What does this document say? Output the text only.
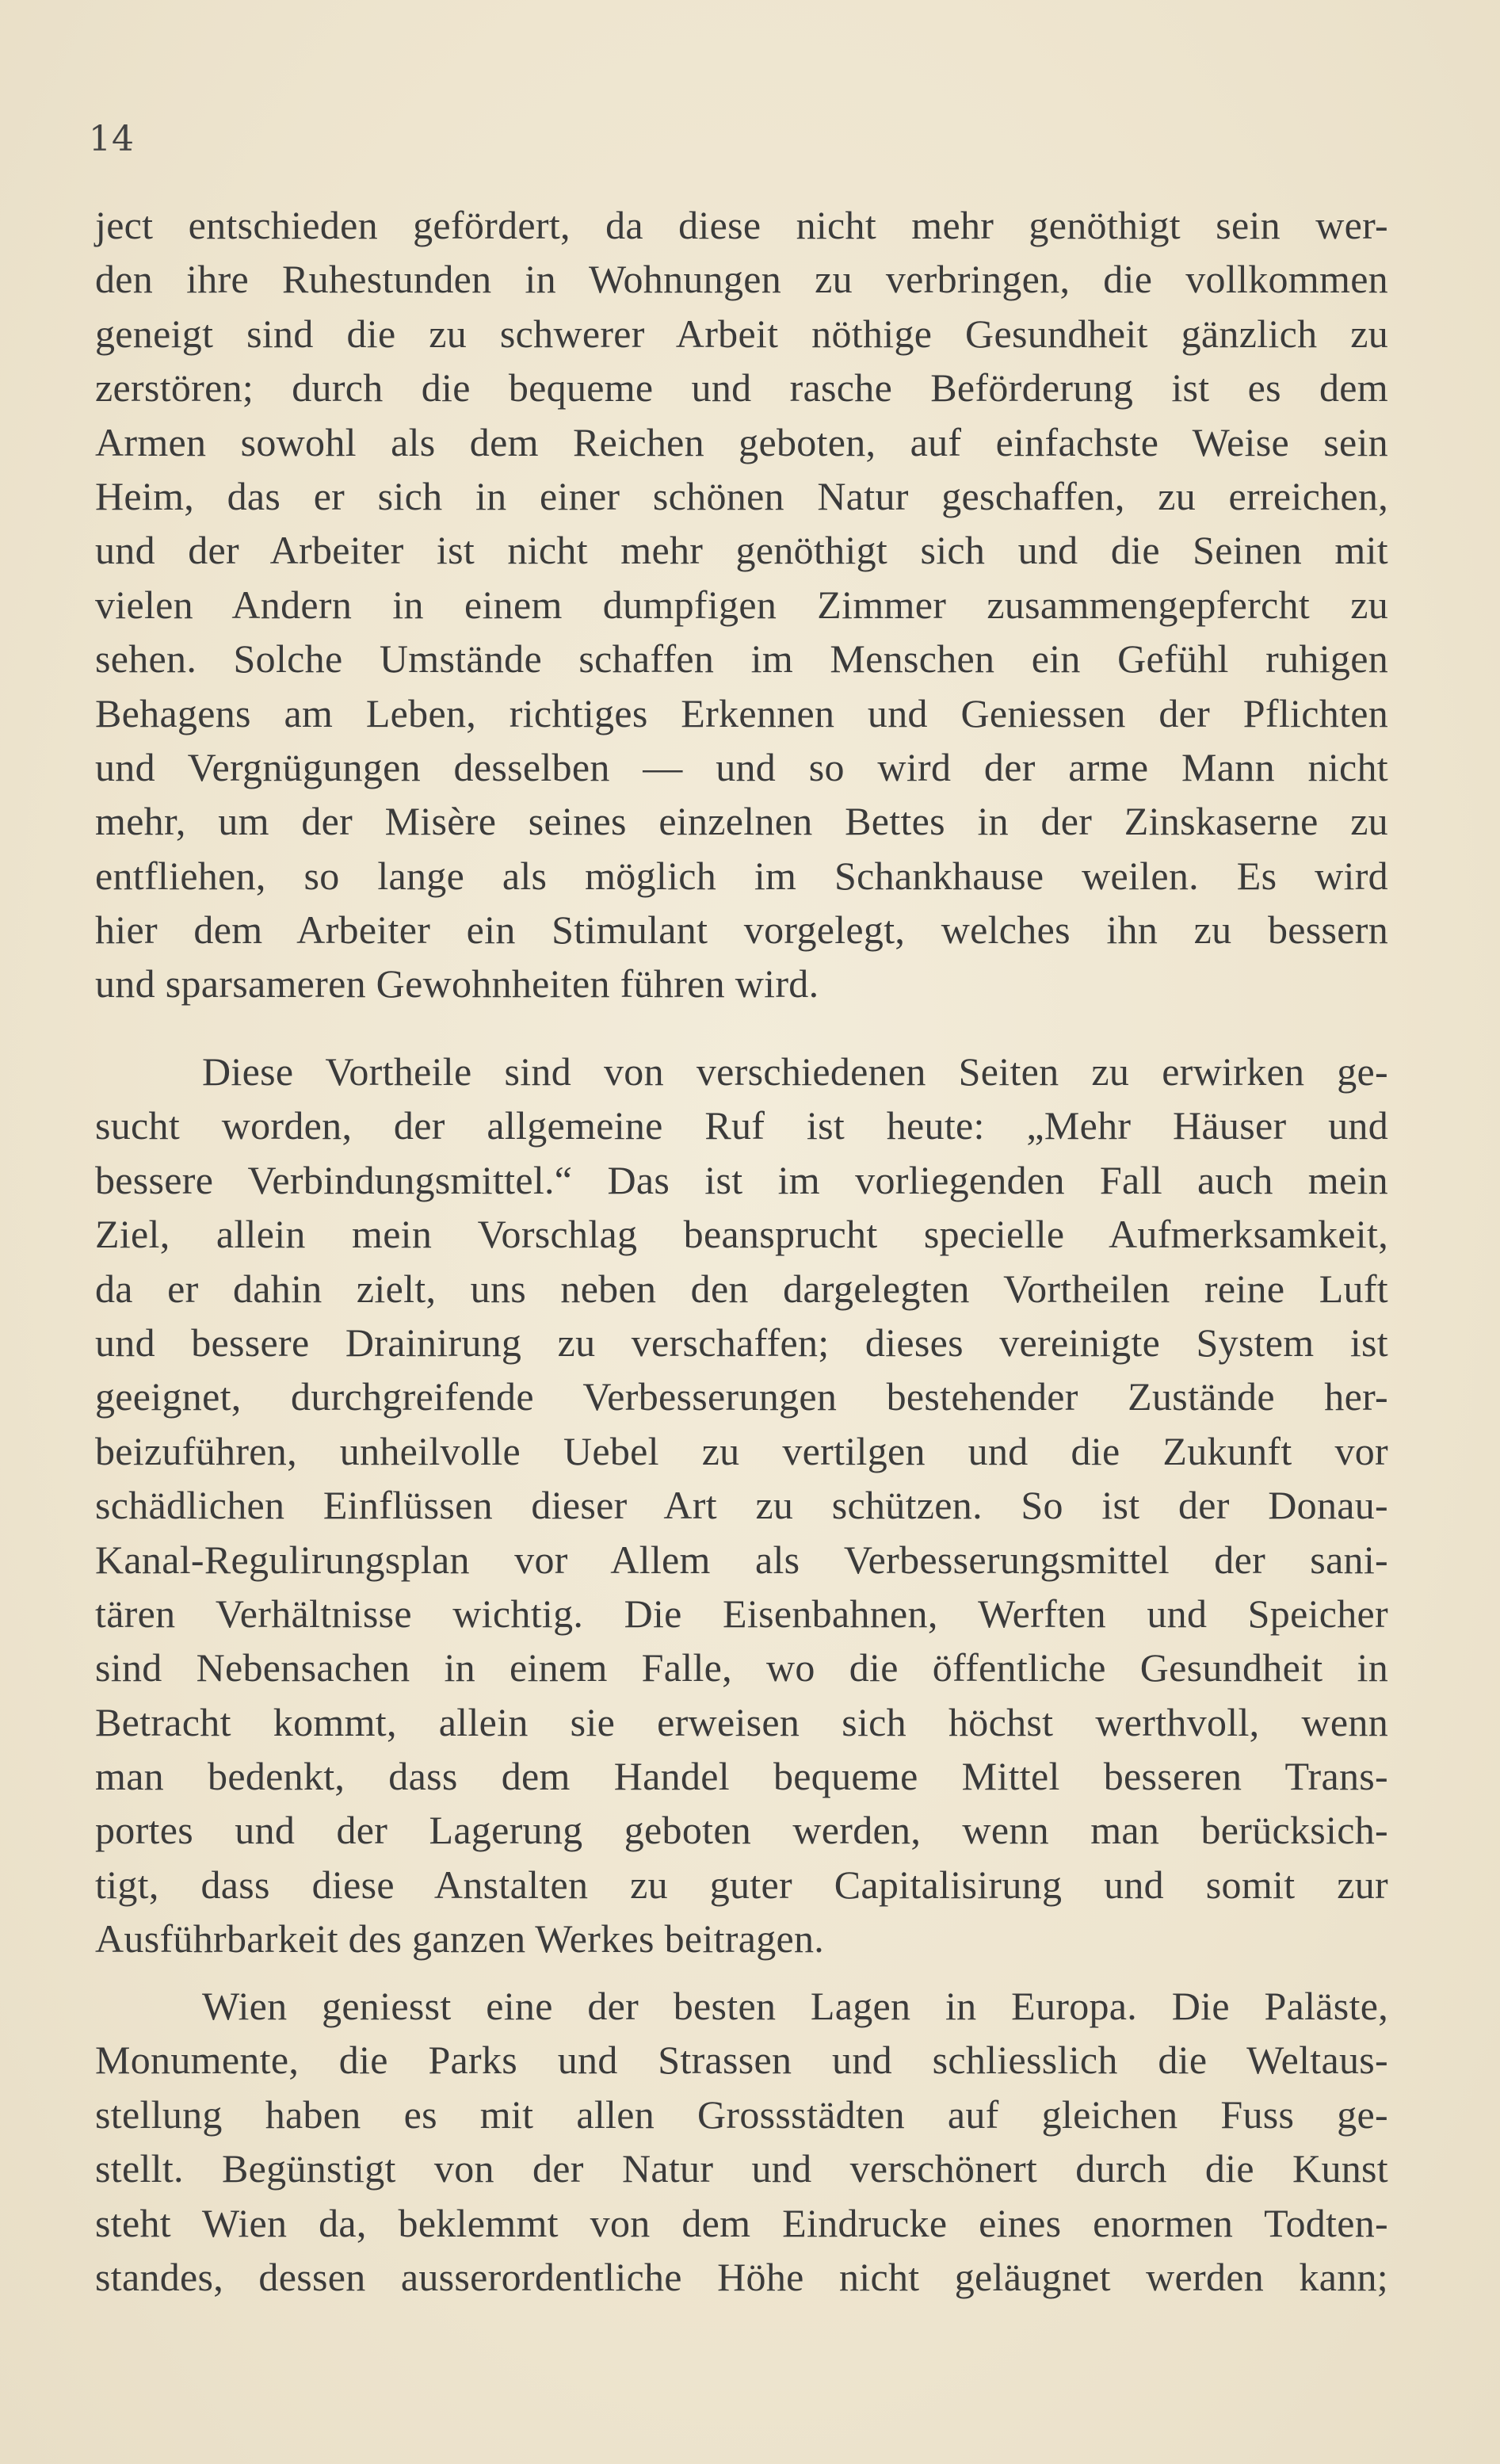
14
ject entschieden gefördert, da diese nicht mehr genöthigt sein wer-
den ihre Ruhestunden in Wohnungen zu verbringen, die vollkommen
geneigt sind die zu schwerer Arbeit nöthige Gesundheit gänzlich zu
zerstören; durch die bequeme und rasche Beförderung ist es dem
Armen sowohl als dem Reichen geboten, auf einfachste Weise sein
Heim, das er sich in einer schönen Natur geschaffen, zu erreichen,
und der Arbeiter ist nicht mehr genöthigt sich und die Seinen mit
vielen Andern in einem dumpfigen Zimmer zusammengepfercht zu
sehen. Solche Umstände schaffen im Menschen ein Gefühl ruhigen
Behagens am Leben, richtiges Erkennen und Geniessen der Pflichten
und Vergnügungen desselben — und so wird der arme Mann nicht
mehr, um der Misère seines einzelnen Bettes in der Zinskaserne zu
entfliehen, so lange als möglich im Schankhause weilen. Es wird
hier dem Arbeiter ein Stimulant vorgelegt, welches ihn zu bessern
und sparsameren Gewohnheiten führen wird.
Diese Vortheile sind von verschiedenen Seiten zu erwirken ge-
sucht worden, der allgemeine Ruf ist heute: „Mehr Häuser und
bessere Verbindungsmittel.“ Das ist im vorliegenden Fall auch mein
Ziel, allein mein Vorschlag beansprucht specielle Aufmerksamkeit,
da er dahin zielt, uns neben den dargelegten Vortheilen reine Luft
und bessere Drainirung zu verschaffen; dieses vereinigte System ist
geeignet, durchgreifende Verbesserungen bestehender Zustände her-
beizuführen, unheilvolle Uebel zu vertilgen und die Zukunft vor
schädlichen Einflüssen dieser Art zu schützen. So ist der Donau-
Kanal-Regulirungsplan vor Allem als Verbesserungsmittel der sani-
tären Verhältnisse wichtig. Die Eisenbahnen, Werften und Speicher
sind Nebensachen in einem Falle, wo die öffentliche Gesundheit in
Betracht kommt, allein sie erweisen sich höchst werthvoll, wenn
man bedenkt, dass dem Handel bequeme Mittel besseren Trans-
portes und der Lagerung geboten werden, wenn man berücksich-
tigt, dass diese Anstalten zu guter Capitalisirung und somit zur
Ausführbarkeit des ganzen Werkes beitragen.
Wien geniesst eine der besten Lagen in Europa. Die Paläste,
Monumente, die Parks und Strassen und schliesslich die Weltaus-
stellung haben es mit allen Grossstädten auf gleichen Fuss ge-
stellt. Begünstigt von der Natur und verschönert durch die Kunst
steht Wien da, beklemmt von dem Eindrucke eines enormen Todten-
standes, dessen ausserordentliche Höhe nicht geläugnet werden kann;
